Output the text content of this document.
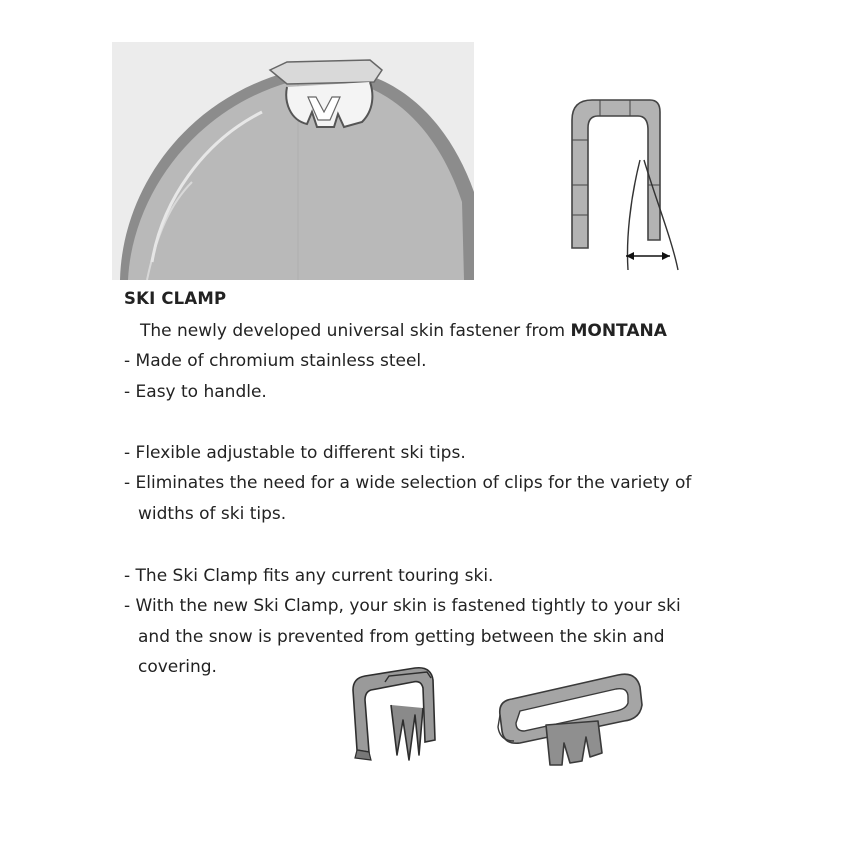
SKI CLAMP
The newly developed universal skin fastener from MONTANA
- Made of chromium stainless steel.
- Easy to handle.
- Flexible adjustable to different ski tips.
- Eliminates the need for a wide selection of clips for the variety of
widths of ski tips.
- The Ski Clamp fits any current touring ski.
- With the new Ski Clamp, your skin is fastened tightly to your ski
and the snow is prevented from getting between the skin and
covering.
